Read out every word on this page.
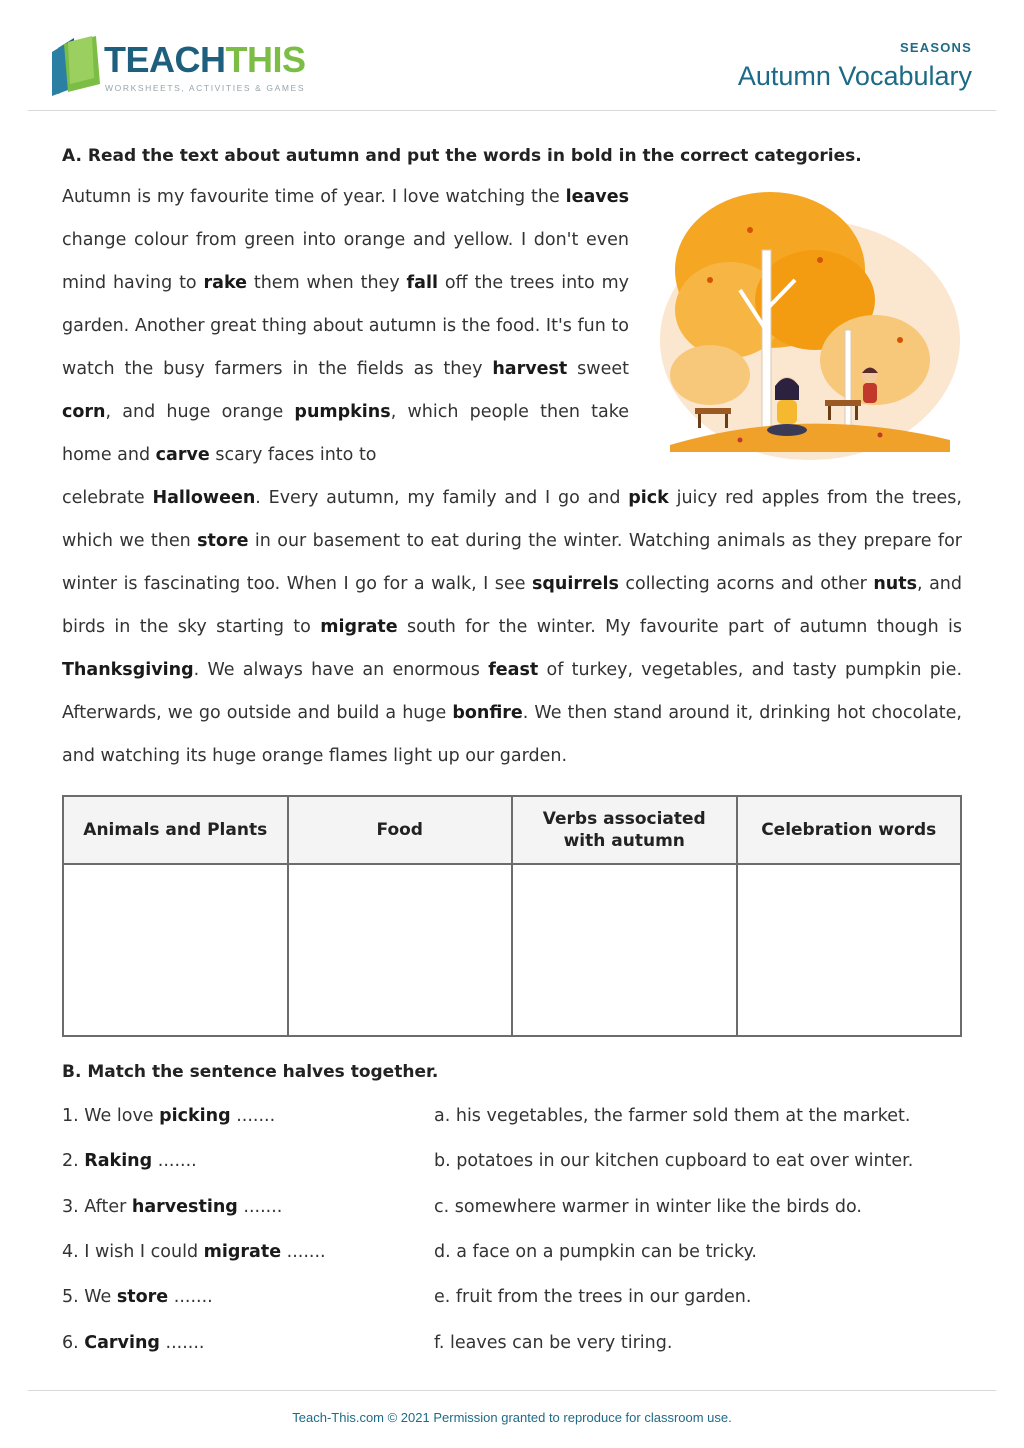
TEACHTHIS
WORKSHEETS, ACTIVITIES & GAMES
SEASONS
Autumn Vocabulary
A. Read the text about autumn and put the words in bold in the correct categories.
Autumn is my favourite time of year. I love watching the leaves change colour from green into orange and yellow. I don't even mind having to rake them when they fall off the trees into my garden. Another great thing about autumn is the food. It's fun to watch the busy farmers in the fields as they harvest sweet corn, and huge orange pumpkins, which people then take home and carve scary faces into to
celebrate Halloween. Every autumn, my family and I go and pick juicy red apples from the trees, which we then store in our basement to eat during the winter. Watching animals as they prepare for winter is fascinating too. When I go for a walk, I see squirrels collecting acorns and other nuts, and birds in the sky starting to migrate south for the winter. My favourite part of autumn though is Thanksgiving. We always have an enormous feast of turkey, vegetables, and tasty pumpkin pie. Afterwards, we go outside and build a huge bonfire. We then stand around it, drinking hot chocolate, and watching its huge orange flames light up our garden.
Animals and Plants	Food	Verbs associated with autumn	Celebration words

B. Match the sentence halves together.
1. We love picking .......	a. his vegetables, the farmer sold them at the market.
2. Raking .......	b. potatoes in our kitchen cupboard to eat over winter.
3. After harvesting .......	c. somewhere warmer in winter like the birds do.
4. I wish I could migrate .......	d. a face on a pumpkin can be tricky.
5. We store .......	e. fruit from the trees in our garden.
6. Carving .......	f. leaves can be very tiring.
Teach-This.com © 2021 Permission granted to reproduce for classroom use.
